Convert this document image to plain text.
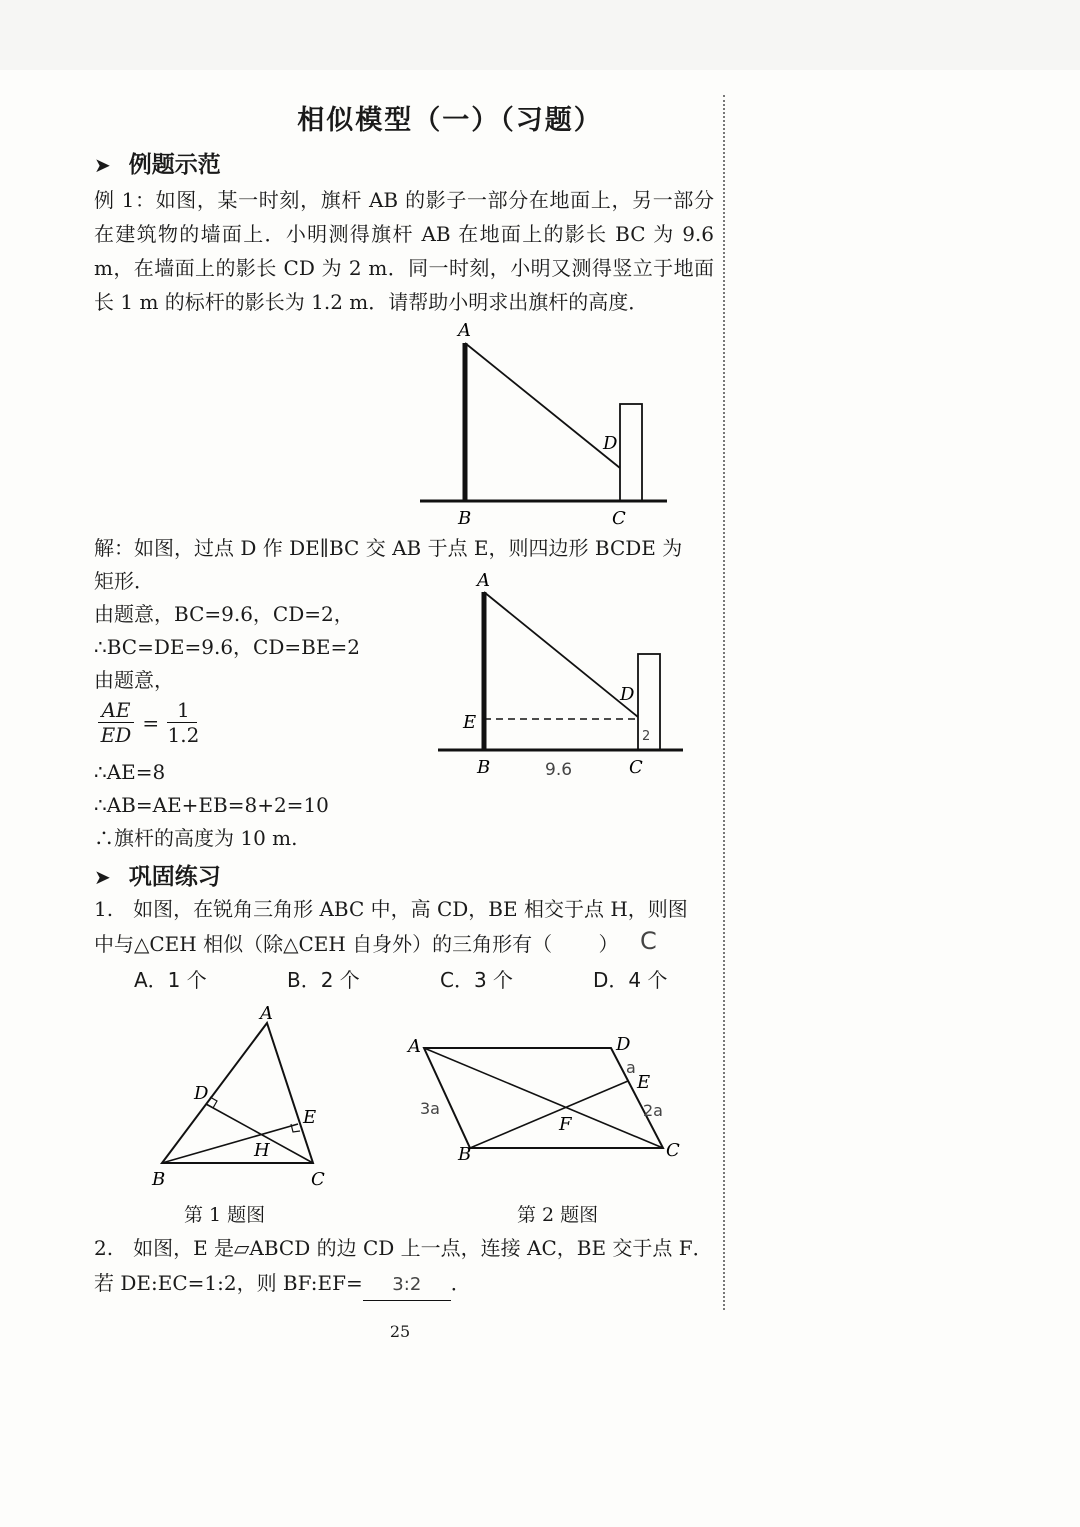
相似模型（一）（习题）
➤ 例题示范
例 1：如图，某一时刻，旗杆 AB 的影子一部分在地面上，另一部分在建筑物的墙面上．小明测得旗杆 AB 在地面上的影长 BC 为 9.6 m，在墙面上的影长 CD 为 2 m．同一时刻，小明又测得竖立于地面长 1 m 的标杆的影长为 1.2 m．请帮助小明求出旗杆的高度．
A
B	C
D
解：如图，过点 D 作 DE∥BC 交 AB 于点 E，则四边形 BCDE 为
矩形．
由题意，BC=9.6，CD=2，
∴BC=DE=9.6，CD=BE=2
由题意，
$\frac{AE}{ED} = \frac{1}{1.2}$
∴AE=8
∴AB=AE+EB=8+2=10
∴旗杆的高度为 10 m.
A
E
D
B	C
9.6
2
➤ 巩固练习
1.　如图，在锐角三角形 ABC 中，高 CD，BE 相交于点 H，则图
中与△CEH 相似（除△CEH 自身外）的三角形有（ 　　） C
A．1 个	B．2 个	C．3 个	D．4 个
A
B	C
D
E
H
第 1 题图
A	D
E
F
B	C
3a
a
2a
第 2 题图
2.　如图，E 是▱ABCD 的边 CD 上一点，连接 AC，BE 交于点 F．
若 DE:EC=1:2，则 BF:EF= 3:2 ．
25
